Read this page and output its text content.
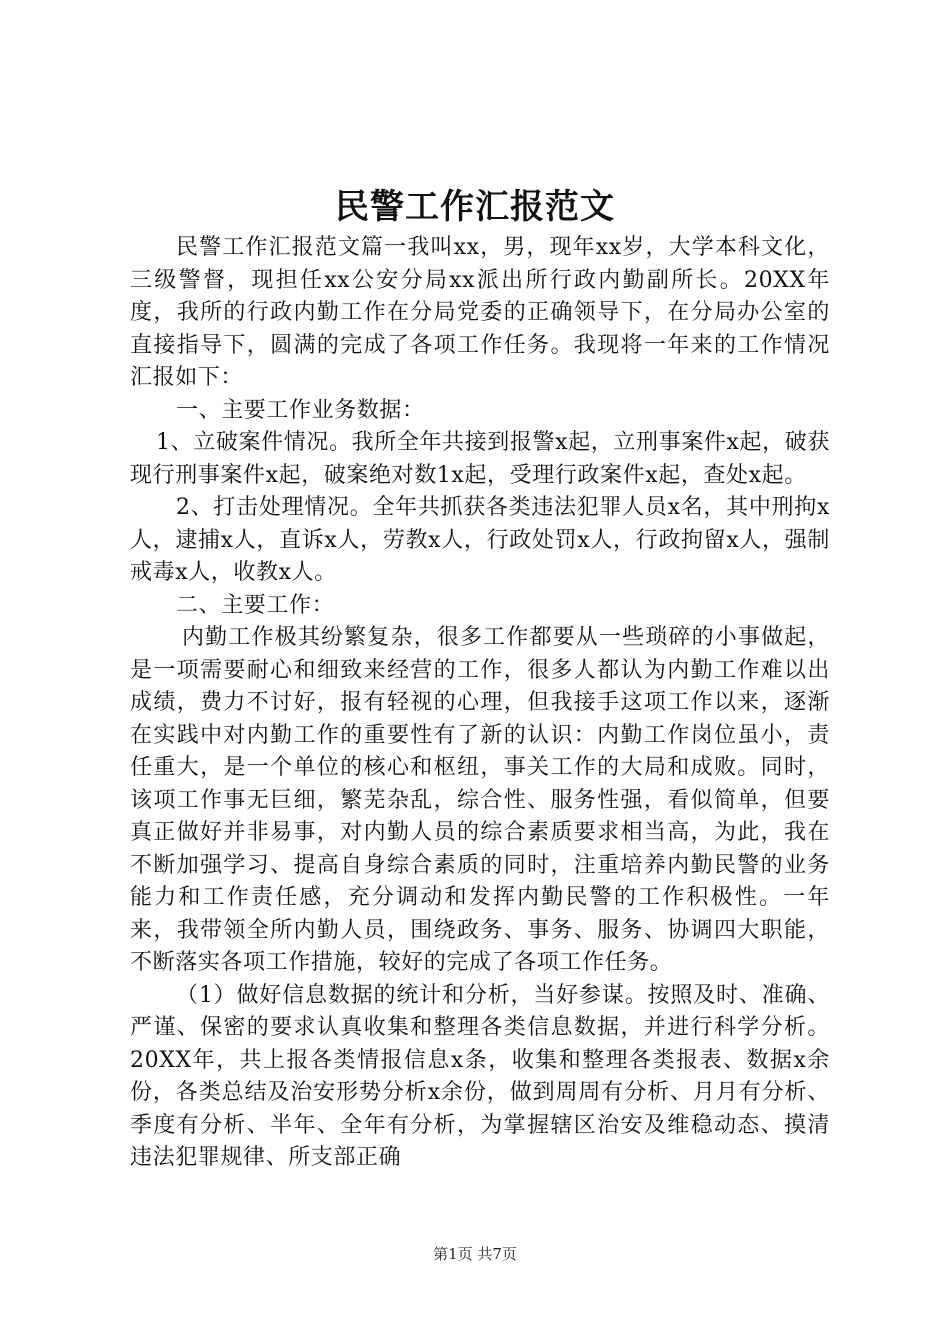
民警工作汇报范文

民警工作汇报范文篇一我叫xx，男，现年xx岁，大学本科文化，三级警督，现担任xx公安分局xx派出所行政内勤副所长。20XX年度，我所的行政内勤工作在分局党委的正确领导下，在分局办公室的直接指导下，圆满的完成了各项工作任务。我现将一年来的工作情况汇报如下：

一、主要工作业务数据：

1、立破案件情况。我所全年共接到报警x起，立刑事案件x起，破获现行刑事案件x起，破案绝对数1x起，受理行政案件x起，查处x起。

2、打击处理情况。全年共抓获各类违法犯罪人员x名，其中刑拘x人，逮捕x人，直诉x人，劳教x人，行政处罚x人，行政拘留x人，强制戒毒x人，收教x人。

二、主要工作：

内勤工作极其纷繁复杂，很多工作都要从一些琐碎的小事做起，是一项需要耐心和细致来经营的工作，很多人都认为内勤工作难以出成绩，费力不讨好，报有轻视的心理，但我接手这项工作以来，逐渐在实践中对内勤工作的重要性有了新的认识：内勤工作岗位虽小，责任重大，是一个单位的核心和枢纽，事关工作的大局和成败。同时，该项工作事无巨细，繁芜杂乱，综合性、服务性强，看似简单，但要真正做好并非易事，对内勤人员的综合素质要求相当高，为此，我在不断加强学习、提高自身综合素质的同时，注重培养内勤民警的业务能力和工作责任感，充分调动和发挥内勤民警的工作积极性。一年来，我带领全所内勤人员，围绕政务、事务、服务、协调四大职能，不断落实各项工作措施，较好的完成了各项工作任务。

（1）做好信息数据的统计和分析，当好参谋。按照及时、准确、严谨、保密的要求认真收集和整理各类信息数据，并进行科学分析。20XX年，共上报各类情报信息x条，收集和整理各类报表、数据x余份，各类总结及治安形势分析x余份，做到周周有分析、月月有分析、季度有分析、半年、全年有分析，为掌握辖区治安及维稳动态、摸清违法犯罪规律、所支部正确

第1页 共7页
